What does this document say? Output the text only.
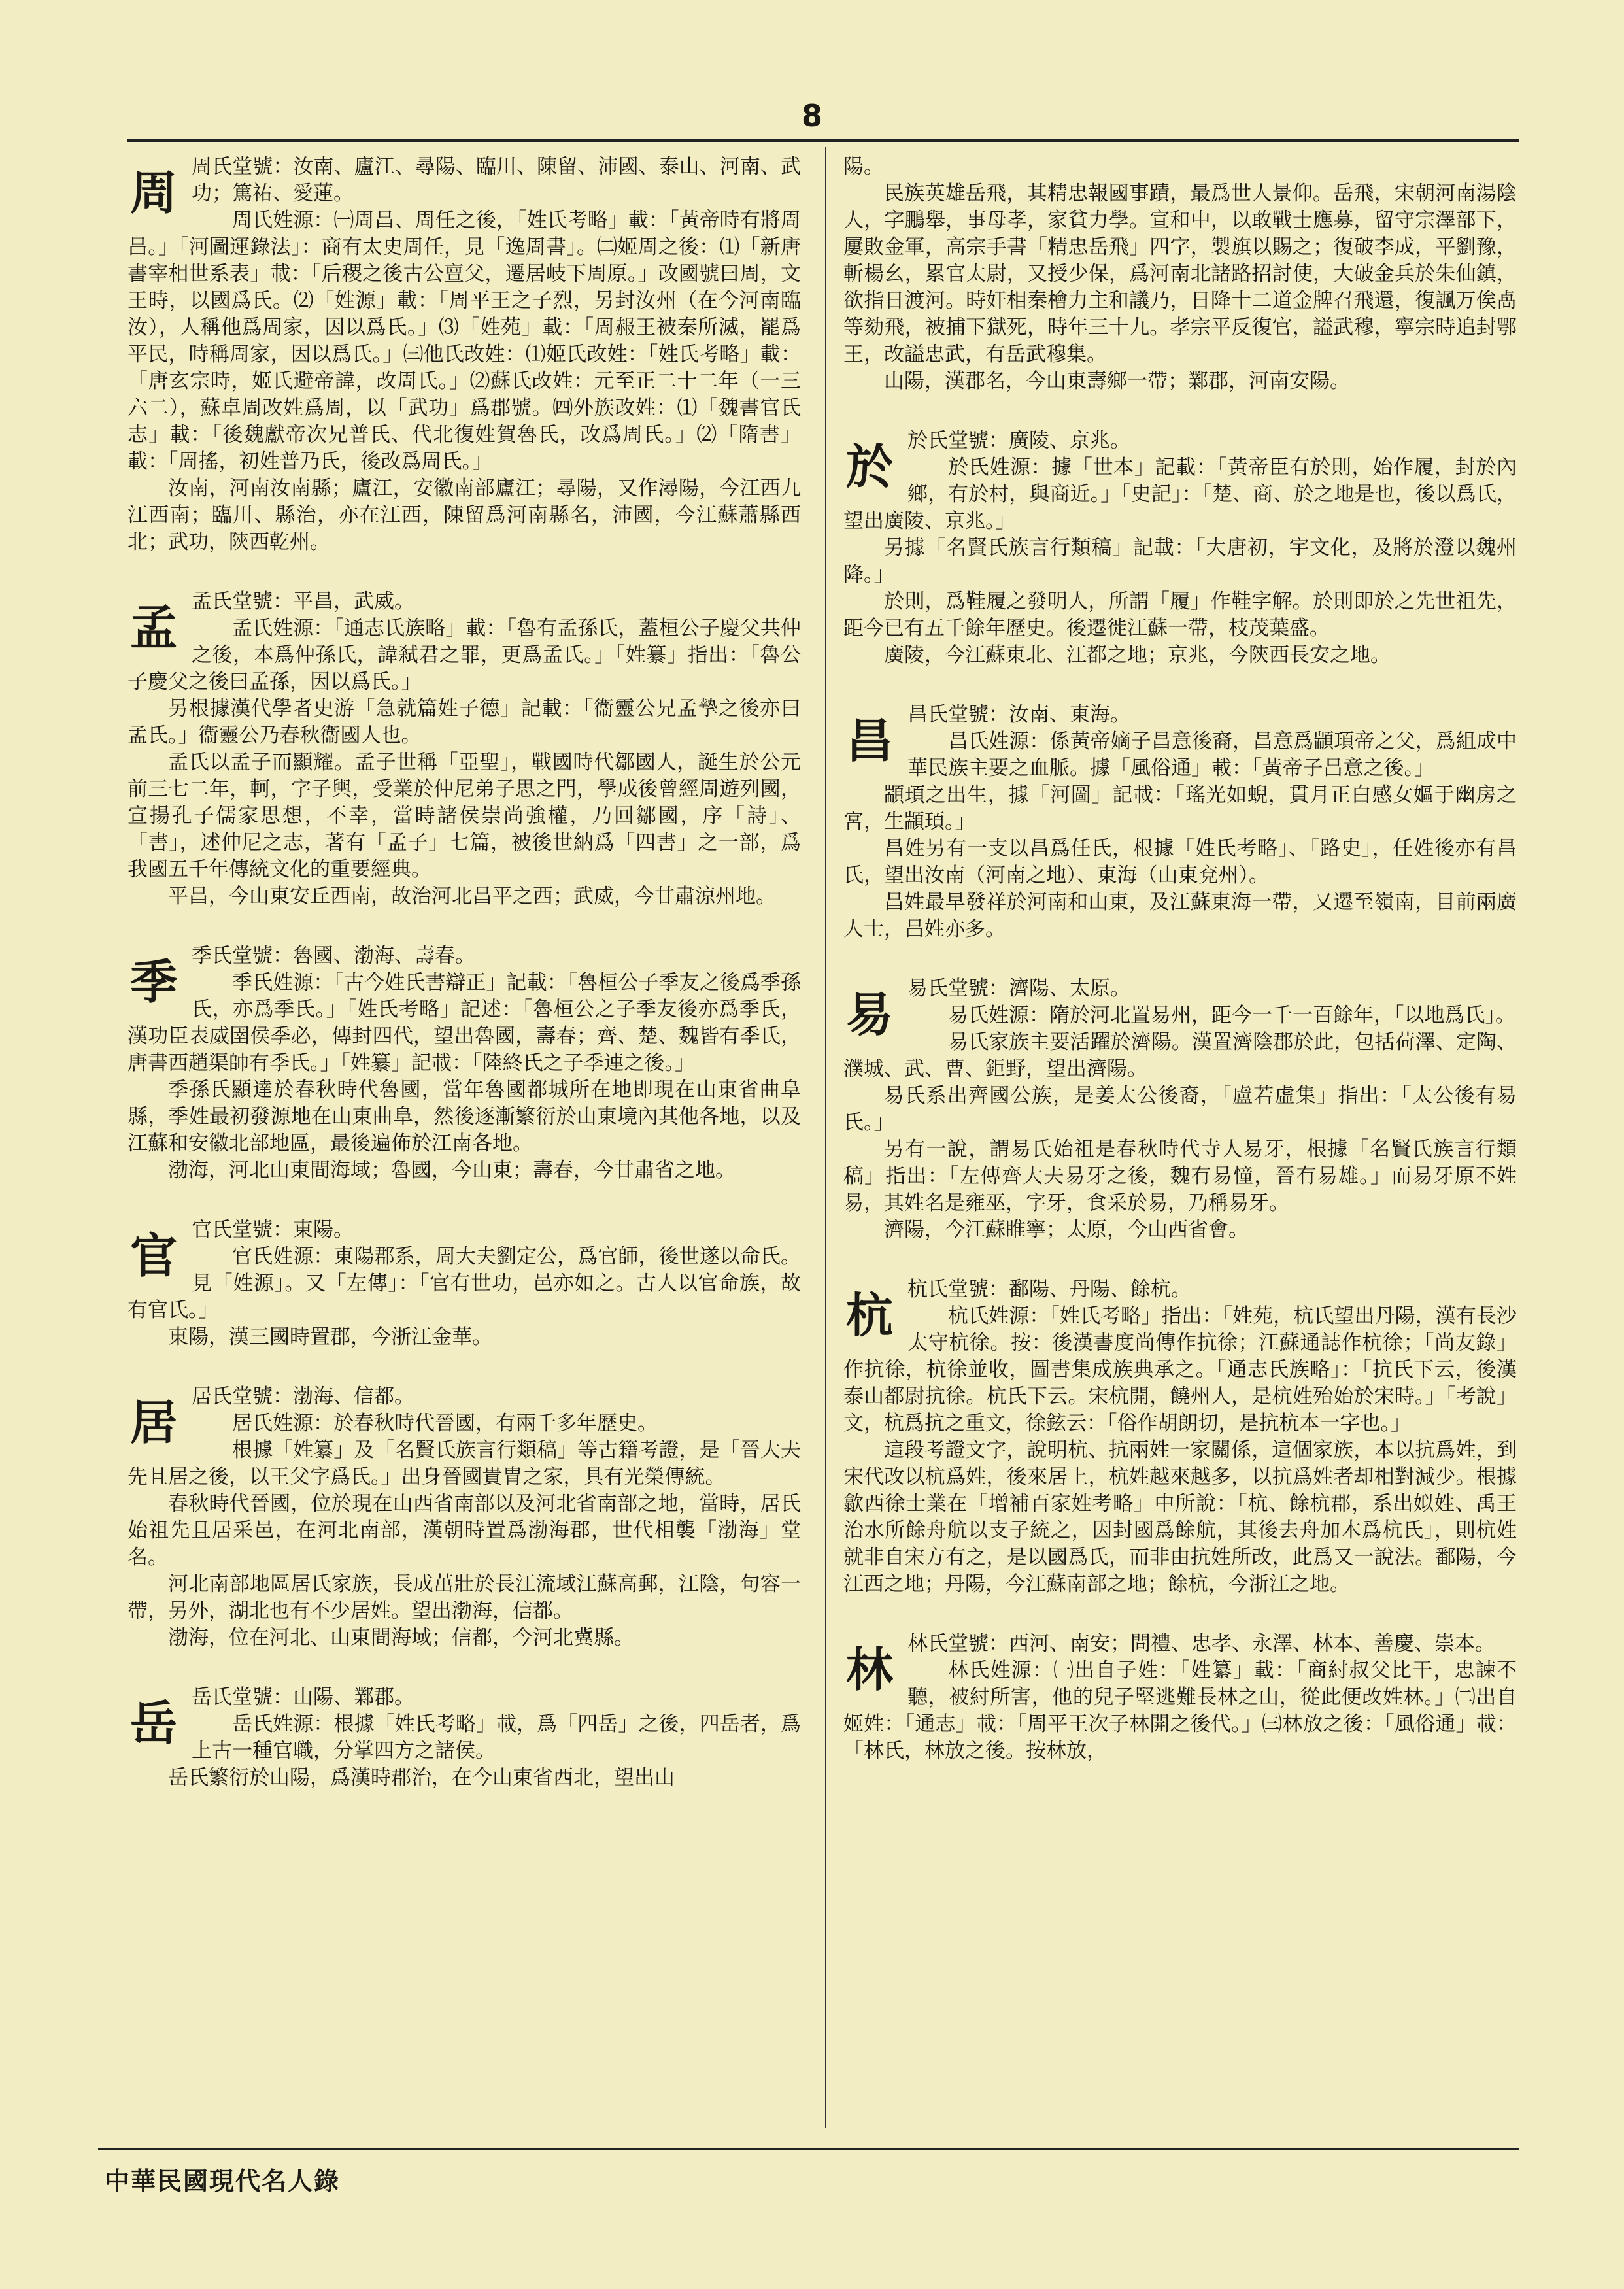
8
周 周氏堂號：汝南、廬江、尋陽、臨川、陳留、沛國、泰山、河南、武功；篤祐、愛蓮。

周氏姓源：㈠周昌、周任之後，「姓氏考略」載：「黃帝時有將周昌。」「河圖運錄法」：商有太史周任，見「逸周書」。㈡姬周之後：⑴「新唐書宰相世系表」載：「后稷之後古公亶父，遷居岐下周原。」改國號曰周，文王時，以國爲氏。⑵「姓源」載：「周平王之子烈，另封汝州（在今河南臨汝），人稱他爲周家，因以爲氏。」⑶「姓苑」載：「周赧王被秦所滅，罷爲平民，時稱周家，因以爲氏。」㈢他氏改姓：⑴姬氏改姓：「姓氏考略」載：「唐玄宗時，姬氏避帝諱，改周氏。」⑵蘇氏改姓：元至正二十二年（一三六二），蘇卓周改姓爲周，以「武功」爲郡號。㈣外族改姓：⑴「魏書官氏志」載：「後魏獻帝次兄普氏、代北復姓賀魯氏，改爲周氏。」⑵「隋書」載：「周搖，初姓普乃氏，後改爲周氏。」

汝南，河南汝南縣；廬江，安徽南部廬江；尋陽，又作潯陽，今江西九江西南；臨川、縣治，亦在江西，陳留爲河南縣名，沛國，今江蘇蕭縣西北；武功，陝西乾州。

孟 孟氏堂號：平昌，武威。

孟氏姓源：「通志氏族略」載：「魯有孟孫氏，蓋桓公子慶父共仲之後，本爲仲孫氏，諱弒君之罪，更爲孟氏。」「姓纂」指出：「魯公子慶父之後曰孟孫，因以爲氏。」

另根據漢代學者史游「急就篇姓子德」記載：「衞靈公兄孟摯之後亦曰孟氏。」衞靈公乃春秋衞國人也。

孟氏以孟子而顯耀。孟子世稱「亞聖」，戰國時代鄒國人，誕生於公元前三七二年，軻，字子輿，受業於仲尼弟子思之門，學成後曾經周遊列國，宣揚孔子儒家思想，不幸，當時諸侯崇尚強權，乃回鄒國，序「詩」、「書」，述仲尼之志，著有「孟子」七篇，被後世納爲「四書」之一部，爲我國五千年傳統文化的重要經典。

平昌，今山東安丘西南，故治河北昌平之西；武威，今甘肅涼州地。

季 季氏堂號：魯國、渤海、壽春。

季氏姓源：「古今姓氏書辯正」記載：「魯桓公子季友之後爲季孫氏，亦爲季氏。」「姓氏考略」記述：「魯桓公之子季友後亦爲季氏，漢功臣表威圉侯季必，傳封四代，望出魯國，壽春；齊、楚、魏皆有季氏，唐書西趙渠帥有季氏。」「姓纂」記載：「陸終氏之子季連之後。」

季孫氏顯達於春秋時代魯國，當年魯國都城所在地即現在山東省曲阜縣，季姓最初發源地在山東曲阜，然後逐漸繁衍於山東境內其他各地，以及江蘇和安徽北部地區，最後遍佈於江南各地。

渤海，河北山東間海域；魯國，今山東；壽春，今甘肅省之地。

官 官氏堂號：東陽。

官氏姓源：東陽郡系，周大夫劉定公，爲官師，後世遂以命氏。見「姓源」。又「左傳」：「官有世功，邑亦如之。古人以官命族，故有官氏。」

東陽，漢三國時置郡，今浙江金華。

居 居氏堂號：渤海、信都。

居氏姓源：於春秋時代晉國，有兩千多年歷史。

根據「姓纂」及「名賢氏族言行類稿」等古籍考證，是「晉大夫先且居之後，以王父字爲氏。」出身晉國貴胄之家，具有光榮傳統。

春秋時代晉國，位於現在山西省南部以及河北省南部之地，當時，居氏始祖先且居采邑，在河北南部，漢朝時置爲渤海郡，世代相襲「渤海」堂名。

河北南部地區居氏家族，長成茁壯於長江流域江蘇高郵，江陰，句容一帶，另外，湖北也有不少居姓。望出渤海，信都。

渤海，位在河北、山東間海域；信都，今河北冀縣。

岳 岳氏堂號：山陽、鄴郡。

岳氏姓源：根據「姓氏考略」載，爲「四岳」之後，四岳者，爲上古一種官職，分掌四方之諸侯。

岳氏繁衍於山陽，爲漢時郡治，在今山東省西北，望出山

陽。

民族英雄岳飛，其精忠報國事蹟，最爲世人景仰。岳飛，宋朝河南湯陰人，字鵬舉，事母孝，家貧力學。宣和中，以敢戰士應募，留守宗澤部下，屢敗金軍，高宗手書「精忠岳飛」四字，製旗以賜之；復破李成，平劉豫，斬楊幺，累官太尉，又授少保，爲河南北諸路招討使，大破金兵於朱仙鎮，欲指日渡河。時奸相秦檜力主和議乃，日降十二道金牌召飛還，復諷万俟卨等劾飛，被捕下獄死，時年三十九。孝宗平反復官，謚武穆，寧宗時追封鄂王，改謚忠武，有岳武穆集。

山陽，漢郡名，今山東壽鄉一帶；鄴郡，河南安陽。

於 於氏堂號：廣陵、京兆。

於氏姓源：據「世本」記載：「黃帝臣有於則，始作履，封於內鄉，有於村，與商近。」「史記」：「楚、商、於之地是也，後以爲氏，望出廣陵、京兆。」

另據「名賢氏族言行類稿」記載：「大唐初，宇文化，及將於澄以魏州降。」

於則，爲鞋履之發明人，所謂「履」作鞋字解。於則即於之先世祖先，距今已有五千餘年歷史。後遷徙江蘇一帶，枝茂葉盛。

廣陵，今江蘇東北、江都之地；京兆，今陝西長安之地。

昌 昌氏堂號：汝南、東海。

昌氏姓源：係黃帝嫡子昌意後裔，昌意爲顓頊帝之父，爲組成中華民族主要之血脈。據「風俗通」載：「黃帝子昌意之後。」

顓頊之出生，據「河圖」記載：「瑤光如蜺，貫月正白感女嫗于幽房之宮，生顓頊。」

昌姓另有一支以昌爲任氏，根據「姓氏考略」、「路史」，任姓後亦有昌氏，望出汝南（河南之地）、東海（山東兗州）。

昌姓最早發祥於河南和山東，及江蘇東海一帶，又遷至嶺南，目前兩廣人士，昌姓亦多。

易 易氏堂號：濟陽、太原。

易氏姓源：隋於河北置易州，距今一千一百餘年，「以地爲氏」。

易氏家族主要活躍於濟陽。漢置濟陰郡於此，包括荷澤、定陶、濮城、武、曹、鉅野，望出濟陽。

易氏系出齊國公族，是姜太公後裔，「盧若虛集」指出：「太公後有易氏。」

另有一說，謂易氏始祖是春秋時代寺人易牙，根據「名賢氏族言行類稿」指出：「左傳齊大夫易牙之後，魏有易憧，晉有易雄。」而易牙原不姓易，其姓名是雍巫，字牙，食采於易，乃稱易牙。

濟陽，今江蘇睢寧；太原，今山西省會。

杭 杭氏堂號：鄱陽、丹陽、餘杭。

杭氏姓源：「姓氏考略」指出：「姓苑，杭氏望出丹陽，漢有長沙太守杭徐。按：後漢書度尚傳作抗徐；江蘇通誌作杭徐；「尚友錄」作抗徐，杭徐並收，圖書集成族典承之。「通志氏族略」：「抗氏下云，後漢泰山都尉抗徐。杭氏下云。宋杭開，饒州人，是杭姓殆始於宋時。」「考說」文，杭爲抗之重文，徐鉉云：「俗作胡朗切，是抗杭本一字也。」

這段考證文字，說明杭、抗兩姓一家關係，這個家族，本以抗爲姓，到宋代改以杭爲姓，後來居上，杭姓越來越多，以抗爲姓者却相對減少。根據歙西徐士業在「增補百家姓考略」中所說：「杭、餘杭郡，系出姒姓、禹王治水所餘舟航以支子統之，因封國爲餘航，其後去舟加木爲杭氏」，則杭姓就非自宋方有之，是以國爲氏，而非由抗姓所改，此爲又一說法。鄱陽，今江西之地；丹陽，今江蘇南部之地；餘杭，今浙江之地。

林 林氏堂號：西河、南安；問禮、忠孝、永澤、林本、善慶、崇本。

林氏姓源：㈠出自子姓：「姓纂」載：「商紂叔父比干，忠諫不聽，被紂所害，他的兒子堅逃難長林之山，從此便改姓林。」㈡出自姬姓：「通志」載：「周平王次子林開之後代。」㈢林放之後：「風俗通」載：「林氏，林放之後。按林放，

中華民國現代名人錄
